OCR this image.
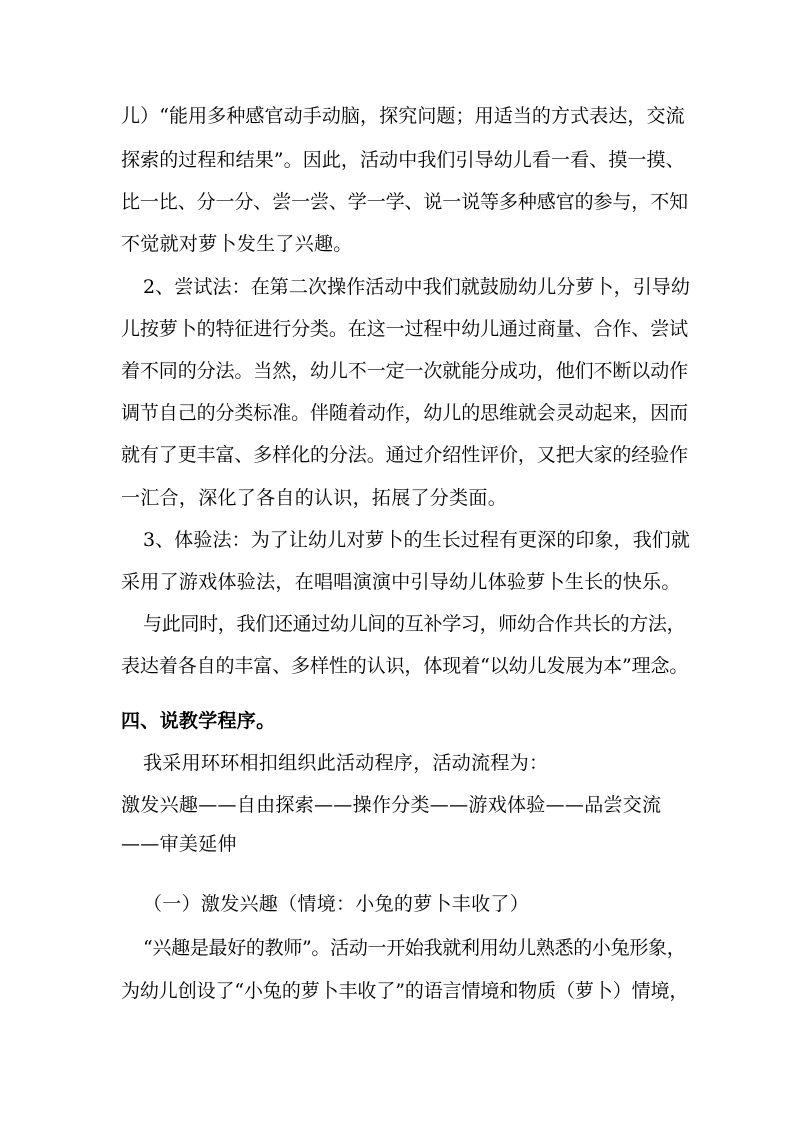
儿）“能用多种感官动手动脑，探究问题；用适当的方式表达，交流
探索的过程和结果”。因此，活动中我们引导幼儿看一看、摸一摸、
比一比、分一分、尝一尝、学一学、说一说等多种感官的参与，不知
不觉就对萝卜发生了兴趣。
2、尝试法：在第二次操作活动中我们就鼓励幼儿分萝卜，引导幼
儿按萝卜的特征进行分类。在这一过程中幼儿通过商量、合作、尝试
着不同的分法。当然，幼儿不一定一次就能分成功，他们不断以动作
调节自己的分类标准。伴随着动作，幼儿的思维就会灵动起来，因而
就有了更丰富、多样化的分法。通过介绍性评价，又把大家的经验作
一汇合，深化了各自的认识，拓展了分类面。
3、体验法：为了让幼儿对萝卜的生长过程有更深的印象，我们就
采用了游戏体验法，在唱唱演演中引导幼儿体验萝卜生长的快乐。
与此同时，我们还通过幼儿间的互补学习，师幼合作共长的方法，
表达着各自的丰富、多样性的认识，体现着“以幼儿发展为本”理念。
四、说教学程序。
我采用环环相扣组织此活动程序，活动流程为：
激发兴趣——自由探索——操作分类——游戏体验——品尝交流
——审美延伸
（一）激发兴趣（情境：小兔的萝卜丰收了）
“兴趣是最好的教师”。活动一开始我就利用幼儿熟悉的小兔形象，
为幼儿创设了“小兔的萝卜丰收了”的语言情境和物质（萝卜）情境，
